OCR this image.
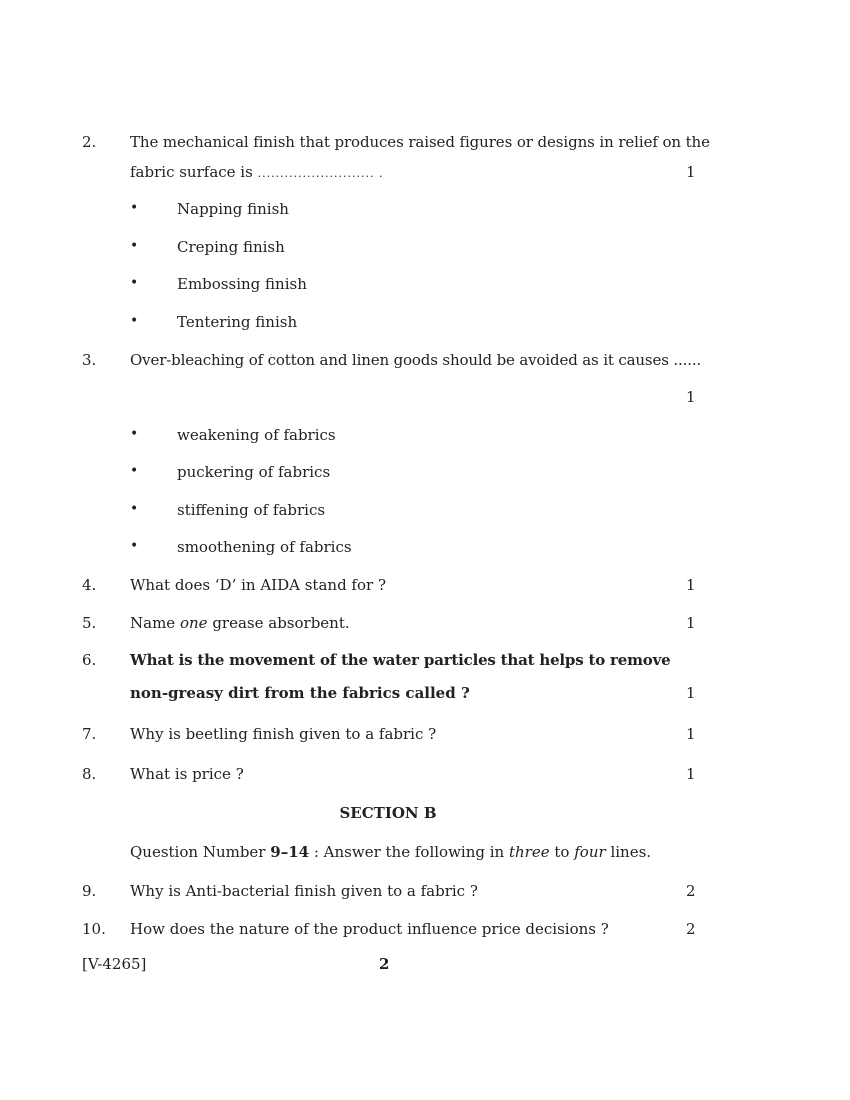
2. The mechanical finish that produces raised figures or designs in relief on the
fabric surface is .......................... .	1
•	Napping finish
•	Creping finish
•	Embossing finish
•	Tentering finish
3. Over-bleaching of cotton and linen goods should be avoided as it causes ......
1
•	weakening of fabrics
•	puckering of fabrics
•	stiffening of fabrics
•	smoothening of fabrics
4. What does ‘D’ in AIDA stand for ?	1
5. Name one grease absorbent.	1
6. What is the movement of the water particles that helps to remove
non-greasy dirt from the fabrics called ?	1
7. Why is beetling finish given to a fabric ?	1
8. What is price ?	1
SECTION B
Question Number 9–14 : Answer the following in three to four lines.
9. Why is Anti-bacterial finish given to a fabric ?	2
10. How does the nature of the product influence price decisions ?	2
[V-4265]	2
